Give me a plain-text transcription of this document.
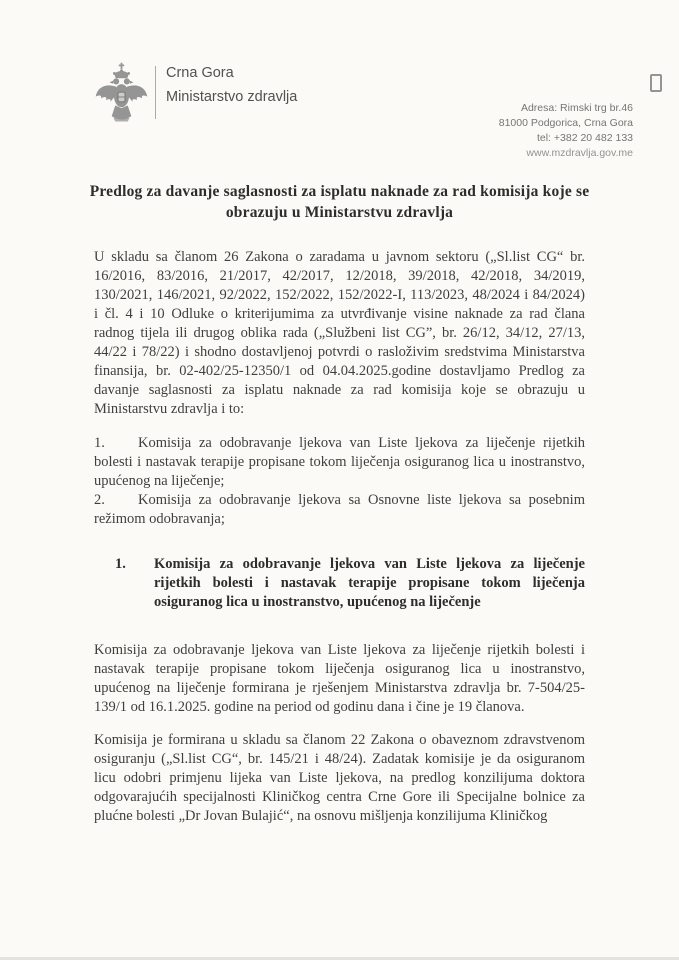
Crna Gora
Ministarstvo zdravlja
Adresa: Rimski trg br.46
81000 Podgorica, Crna Gora
tel: +382 20 482 133
www.mzdravlja.gov.me
Predlog za davanje saglasnosti za isplatu naknade za rad komisija koje se obrazuju u Ministarstvu zdravlja

U skladu sa članom 26 Zakona o zaradama u javnom sektoru („Sl.list CG“ br. 16/2016, 83/2016, 21/2017, 42/2017, 12/2018, 39/2018, 42/2018, 34/2019, 130/2021, 146/2021, 92/2022, 152/2022, 152/2022-I, 113/2023, 48/2024 i 84/2024) i čl. 4 i 10 Odluke o kriterijumima za utvrđivanje visine naknade za rad člana radnog tijela ili drugog oblika rada („Službeni list CG”, br. 26/12, 34/12, 27/13, 44/22 i 78/22) i shodno dostavljenoj potvrdi o rasloživim sredstvima Ministarstva finansija, br. 02-402/25-12350/1 od 04.04.2025.godine dostavljamo Predlog za davanje saglasnosti za isplatu naknade za rad komisija koje se obrazuju u Ministarstvu zdravlja i to:

1. Komisija za odobravanje ljekova van Liste ljekova za liječenje rijetkih bolesti i nastavak terapije propisane tokom liječenja osiguranog lica u inostranstvo, upućenog na liječenje;
2. Komisija za odobravanje ljekova sa Osnovne liste ljekova sa posebnim režimom odobravanja;
1.	Komisija za odobravanje ljekova van Liste ljekova za liječenje rijetkih bolesti i nastavak terapije propisane tokom liječenja osiguranog lica u inostranstvo, upućenog na liječenje

Komisija za odobravanje ljekova van Liste ljekova za liječenje rijetkih bolesti i nastavak terapije propisane tokom liječenja osiguranog lica u inostranstvo, upućenog na liječenje formirana je rješenjem Ministarstva zdravlja br. 7-504/25-139/1 od 16.1.2025. godine na period od godinu dana i čine je 19 članova.

Komisija je formirana u skladu sa članom 22 Zakona o obaveznom zdravstvenom osiguranju („Sl.list CG“, br. 145/21 i 48/24). Zadatak komisije je da osiguranom licu odobri primjenu lijeka van Liste ljekova, na predlog konzilijuma doktora odgovarajućih specijalnosti Kliničkog centra Crne Gore ili Specijalne bolnice za plućne bolesti „Dr Jovan Bulajić“, na osnovu mišljenja konzilijuma Kliničkog
